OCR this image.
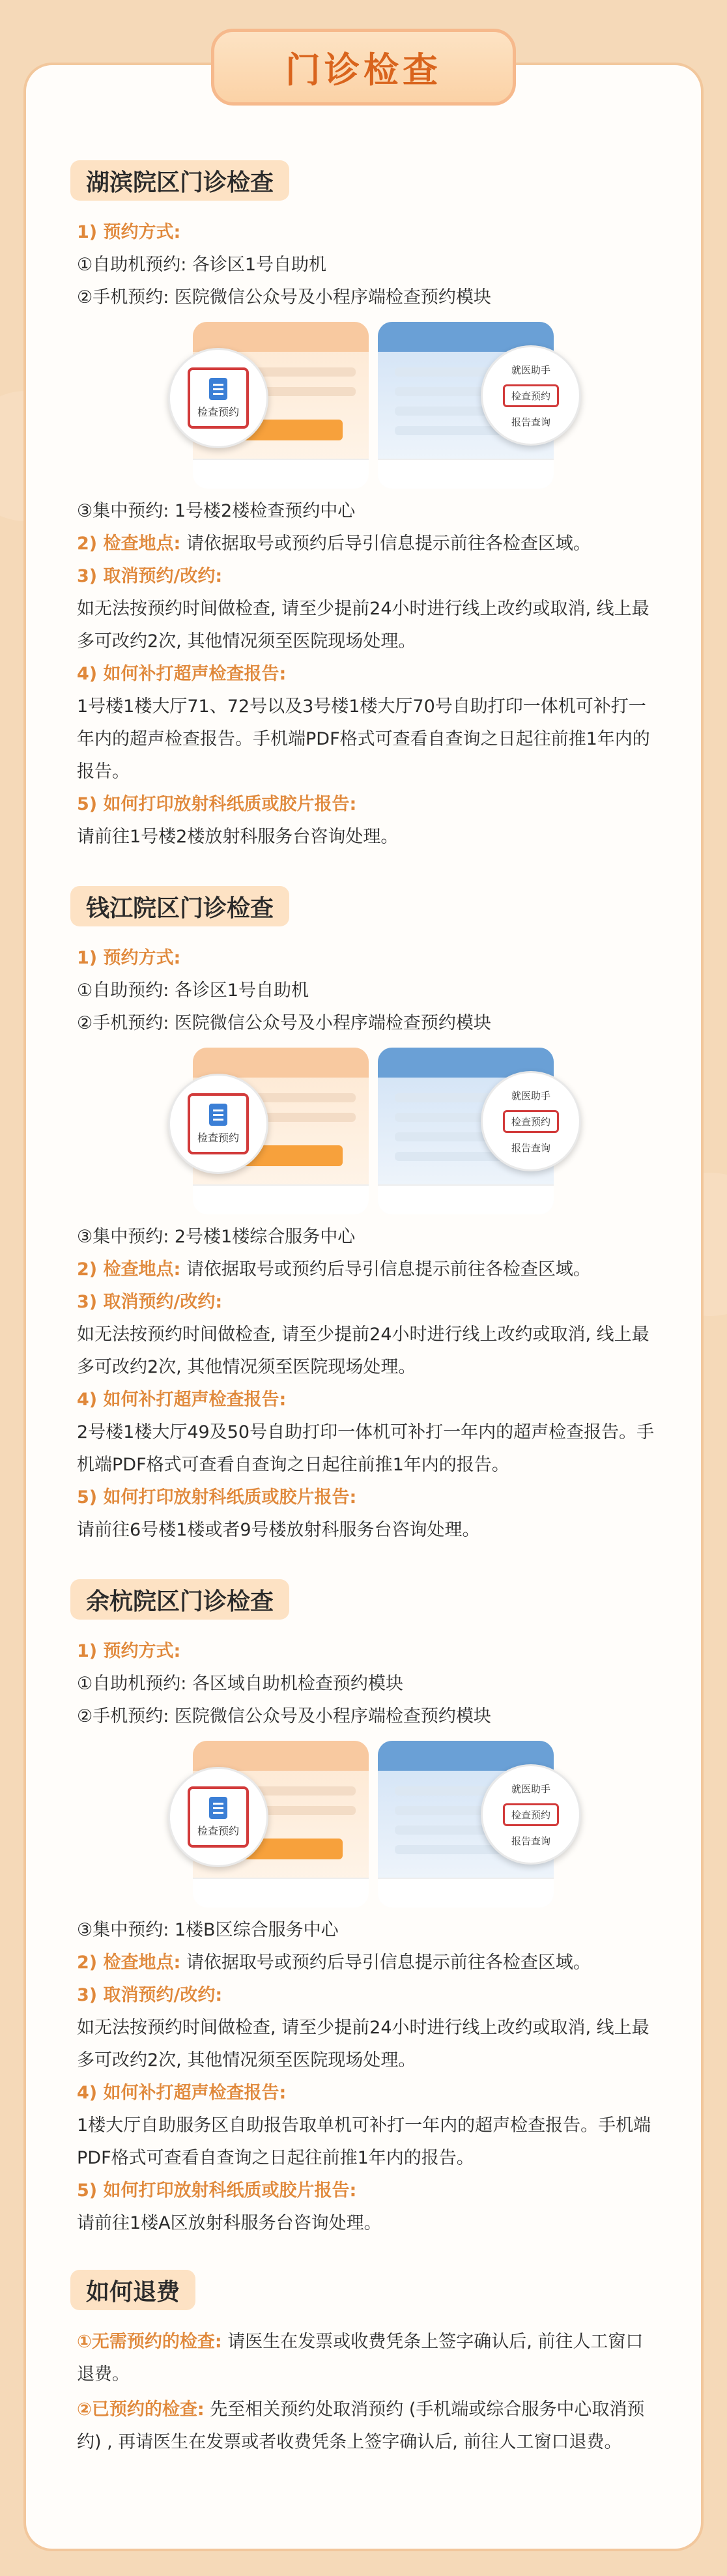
门诊检查
湖滨院区门诊检查
1) 预约方式:
①自助机预约: 各诊区1号自助机
②手机预约: 医院微信公众号及小程序端检查预约模块
检查预约
就医助手
检查预约
报告查询
③集中预约: 1号楼2楼检查预约中心
2) 检查地点: 请依据取号或预约后导引信息提示前往各检查区域。
3) 取消预约/改约:
如无法按预约时间做检查, 请至少提前24小时进行线上改约或取消, 线上最多可改约2次, 其他情况须至医院现场处理。
4) 如何补打超声检查报告:
1号楼1楼大厅71、72号以及3号楼1楼大厅70号自助打印一体机可补打一年内的超声检查报告。手机端PDF格式可查看自查询之日起往前推1年内的报告。
5) 如何打印放射科纸质或胶片报告:
请前往1号楼2楼放射科服务台咨询处理。
钱江院区门诊检查
1) 预约方式:
①自助预约: 各诊区1号自助机
②手机预约: 医院微信公众号及小程序端检查预约模块
检查预约
就医助手
检查预约
报告查询
③集中预约: 2号楼1楼综合服务中心
2) 检查地点: 请依据取号或预约后导引信息提示前往各检查区域。
3) 取消预约/改约:
如无法按预约时间做检查, 请至少提前24小时进行线上改约或取消, 线上最多可改约2次, 其他情况须至医院现场处理。
4) 如何补打超声检查报告:
2号楼1楼大厅49及50号自助打印一体机可补打一年内的超声检查报告。手机端PDF格式可查看自查询之日起往前推1年内的报告。
5) 如何打印放射科纸质或胶片报告:
请前往6号楼1楼或者9号楼放射科服务台咨询处理。
余杭院区门诊检查
1) 预约方式:
①自助机预约: 各区域自助机检查预约模块
②手机预约: 医院微信公众号及小程序端检查预约模块
检查预约
就医助手
检查预约
报告查询
③集中预约: 1楼B区综合服务中心
2) 检查地点: 请依据取号或预约后导引信息提示前往各检查区域。
3) 取消预约/改约:
如无法按预约时间做检查, 请至少提前24小时进行线上改约或取消, 线上最多可改约2次, 其他情况须至医院现场处理。
4) 如何补打超声检查报告:
1楼大厅自助服务区自助报告取单机可补打一年内的超声检查报告。手机端PDF格式可查看自查询之日起往前推1年内的报告。
5) 如何打印放射科纸质或胶片报告:
请前往1楼A区放射科服务台咨询处理。
如何退费
①无需预约的检查: 请医生在发票或收费凭条上签字确认后, 前往人工窗口退费。
②已预约的检查: 先至相关预约处取消预约 (手机端或综合服务中心取消预约) , 再请医生在发票或者收费凭条上签字确认后, 前往人工窗口退费。
